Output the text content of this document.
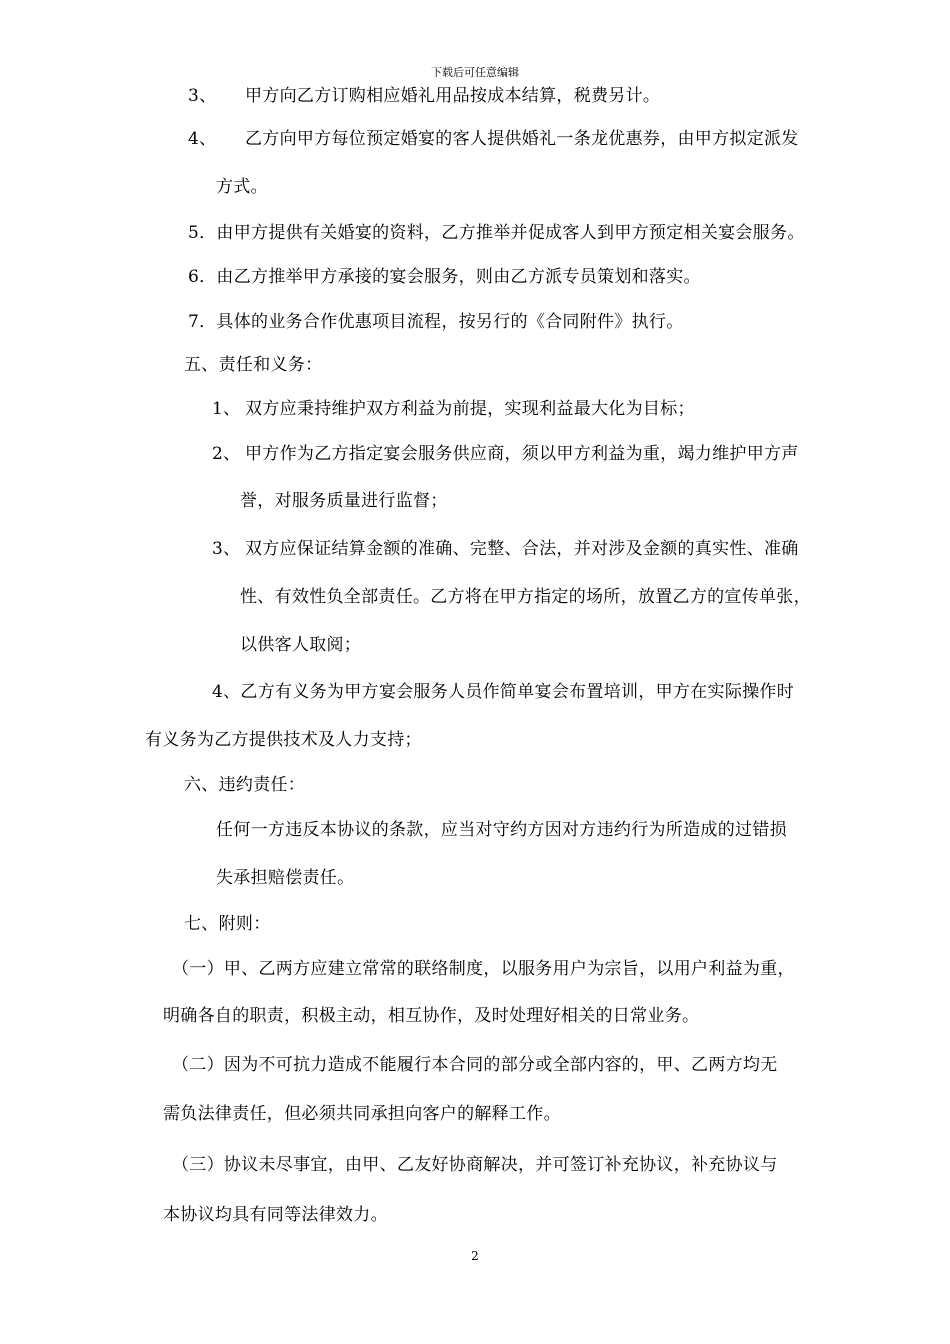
下载后可任意编辑
3、 甲方向乙方订购相应婚礼用品按成本结算，税费另计。
4、 乙方向甲方每位预定婚宴的客人提供婚礼一条龙优惠券，由甲方拟定派发
方式。
5．由甲方提供有关婚宴的资料，乙方推举并促成客人到甲方预定相关宴会服务。
6．由乙方推举甲方承接的宴会服务，则由乙方派专员策划和落实。
7．具体的业务合作优惠项目流程，按另行的《合同附件》执行。
五、责任和义务：
1、 双方应秉持维护双方利益为前提，实现利益最大化为目标；
2、 甲方作为乙方指定宴会服务供应商，须以甲方利益为重，竭力维护甲方声
誉，对服务质量进行监督；
3、 双方应保证结算金额的准确、完整、合法，并对涉及金额的真实性、准确
性、有效性负全部责任。乙方将在甲方指定的场所，放置乙方的宣传单张，
以供客人取阅；
4、乙方有义务为甲方宴会服务人员作简单宴会布置培训，甲方在实际操作时
有义务为乙方提供技术及人力支持；
六、违约责任：
任何一方违反本协议的条款，应当对守约方因对方违约行为所造成的过错损
失承担赔偿责任。
七、附则：
（一）甲、乙两方应建立常常的联络制度，以服务用户为宗旨，以用户利益为重，
明确各自的职责，积极主动，相互协作，及时处理好相关的日常业务。
（二）因为不可抗力造成不能履行本合同的部分或全部内容的，甲、乙两方均无
需负法律责任，但必须共同承担向客户的解释工作。
（三）协议未尽事宜，由甲、乙友好协商解决，并可签订补充协议，补充协议与
本协议均具有同等法律效力。
2
